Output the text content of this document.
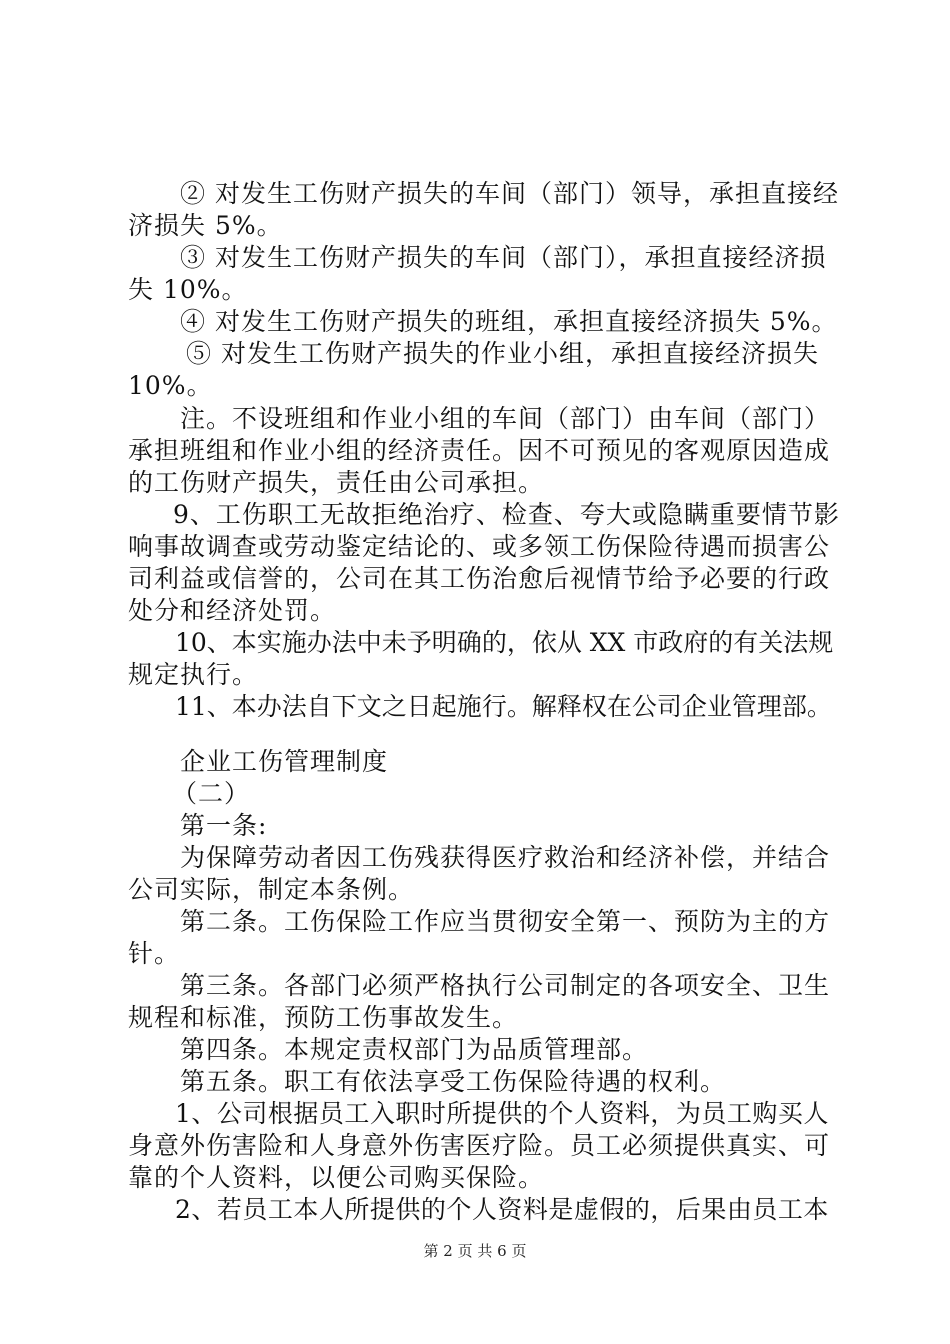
② 对发生工伤财产损失的车间（部门）领导，承担直接经
济损失 5%。
③ 对发生工伤财产损失的车间（部门），承担直接经济损
失 10%。
④ 对发生工伤财产损失的班组，承担直接经济损失 5%。
⑤ 对发生工伤财产损失的作业小组，承担直接经济损失
10%。
注。不设班组和作业小组的车间（部门）由车间（部门）
承担班组和作业小组的经济责任。因不可预见的客观原因造成
的工伤财产损失，责任由公司承担。
9、工伤职工无故拒绝治疗、检查、夸大或隐瞒重要情节影
响事故调查或劳动鉴定结论的、或多领工伤保险待遇而损害公
司利益或信誉的，公司在其工伤治愈后视情节给予必要的行政
处分和经济处罚。
10、本实施办法中未予明确的，依从 XX 市政府的有关法规
规定执行。
11、本办法自下文之日起施行。解释权在公司企业管理部。
企业工伤管理制度
（二）
第一条:
为保障劳动者因工伤残获得医疗救治和经济补偿，并结合
公司实际，制定本条例。
第二条。工伤保险工作应当贯彻安全第一、预防为主的方
针。
第三条。各部门必须严格执行公司制定的各项安全、卫生
规程和标准，预防工伤事故发生。
第四条。本规定责权部门为品质管理部。
第五条。职工有依法享受工伤保险待遇的权利。
1、公司根据员工入职时所提供的个人资料，为员工购买人
身意外伤害险和人身意外伤害医疗险。员工必须提供真实、可
靠的个人资料，以便公司购买保险。
2、若员工本人所提供的个人资料是虚假的，后果由员工本
第 2 页 共 6 页
